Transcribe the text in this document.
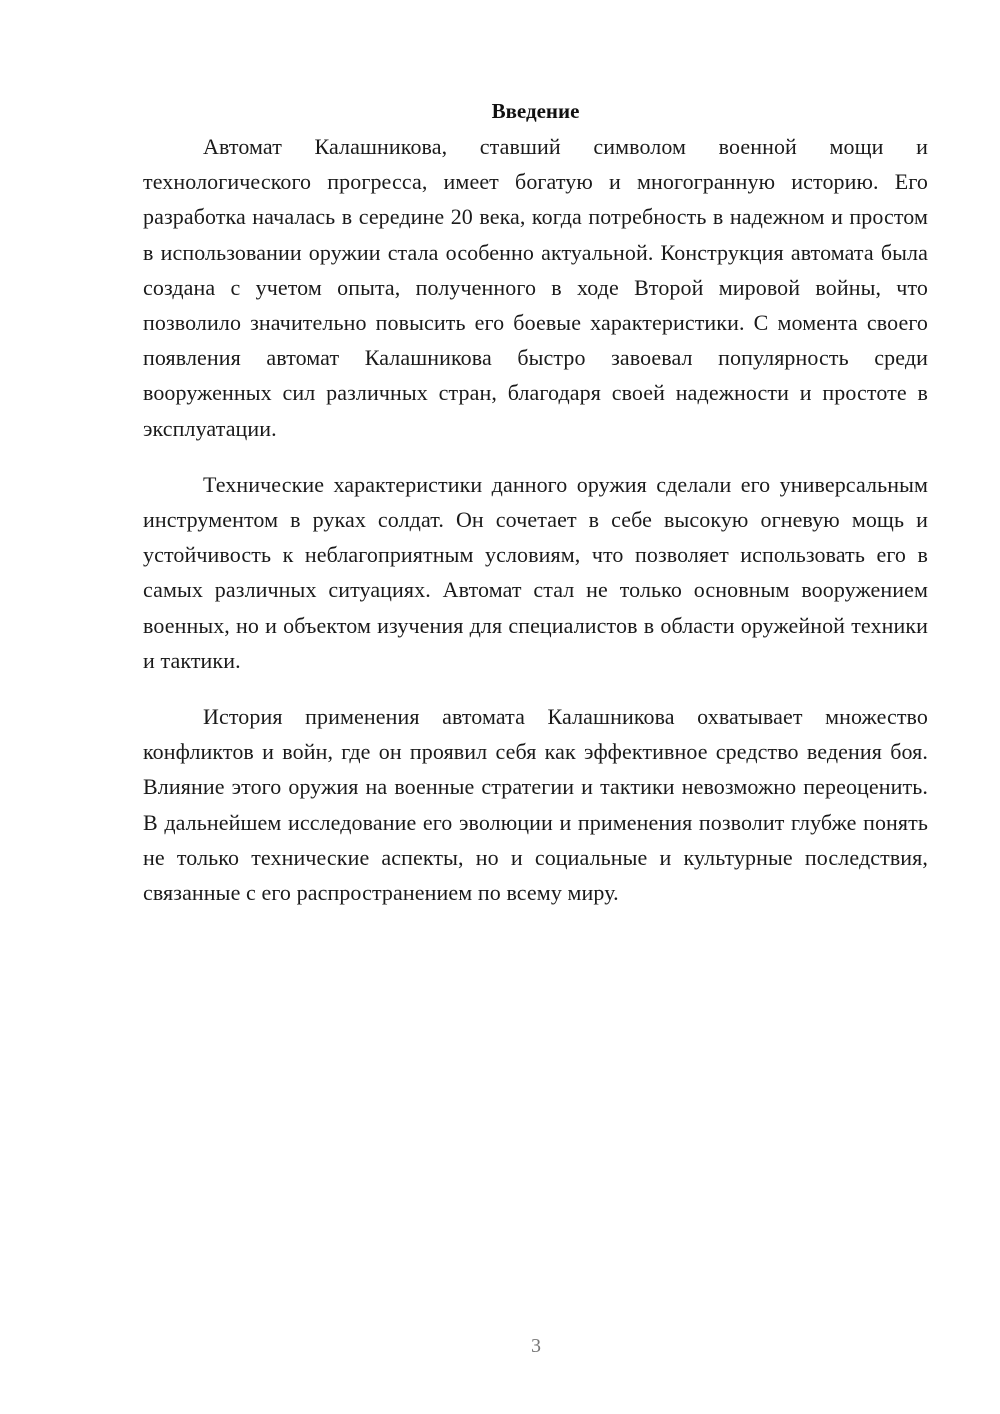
Введение

Автомат Калашникова, ставший символом военной мощи и технологического прогресса, имеет богатую и многогранную историю. Его разработка началась в середине 20 века, когда потребность в надежном и простом в использовании оружии стала особенно актуальной. Конструкция автомата была создана с учетом опыта, полученного в ходе Второй мировой войны, что позволило значительно повысить его боевые характеристики. С момента своего появления автомат Калашникова быстро завоевал популярность среди вооруженных сил различных стран, благодаря своей надежности и простоте в эксплуатации.

Технические характеристики данного оружия сделали его универсальным инструментом в руках солдат. Он сочетает в себе высокую огневую мощь и устойчивость к неблагоприятным условиям, что позволяет использовать его в самых различных ситуациях. Автомат стал не только основным вооружением военных, но и объектом изучения для специалистов в области оружейной техники и тактики.

История применения автомата Калашникова охватывает множество конфликтов и войн, где он проявил себя как эффективное средство ведения боя. Влияние этого оружия на военные стратегии и тактики невозможно переоценить. В дальнейшем исследование его эволюции и применения позволит глубже понять не только технические аспекты, но и социальные и культурные последствия, связанные с его распространением по всему миру.

3
